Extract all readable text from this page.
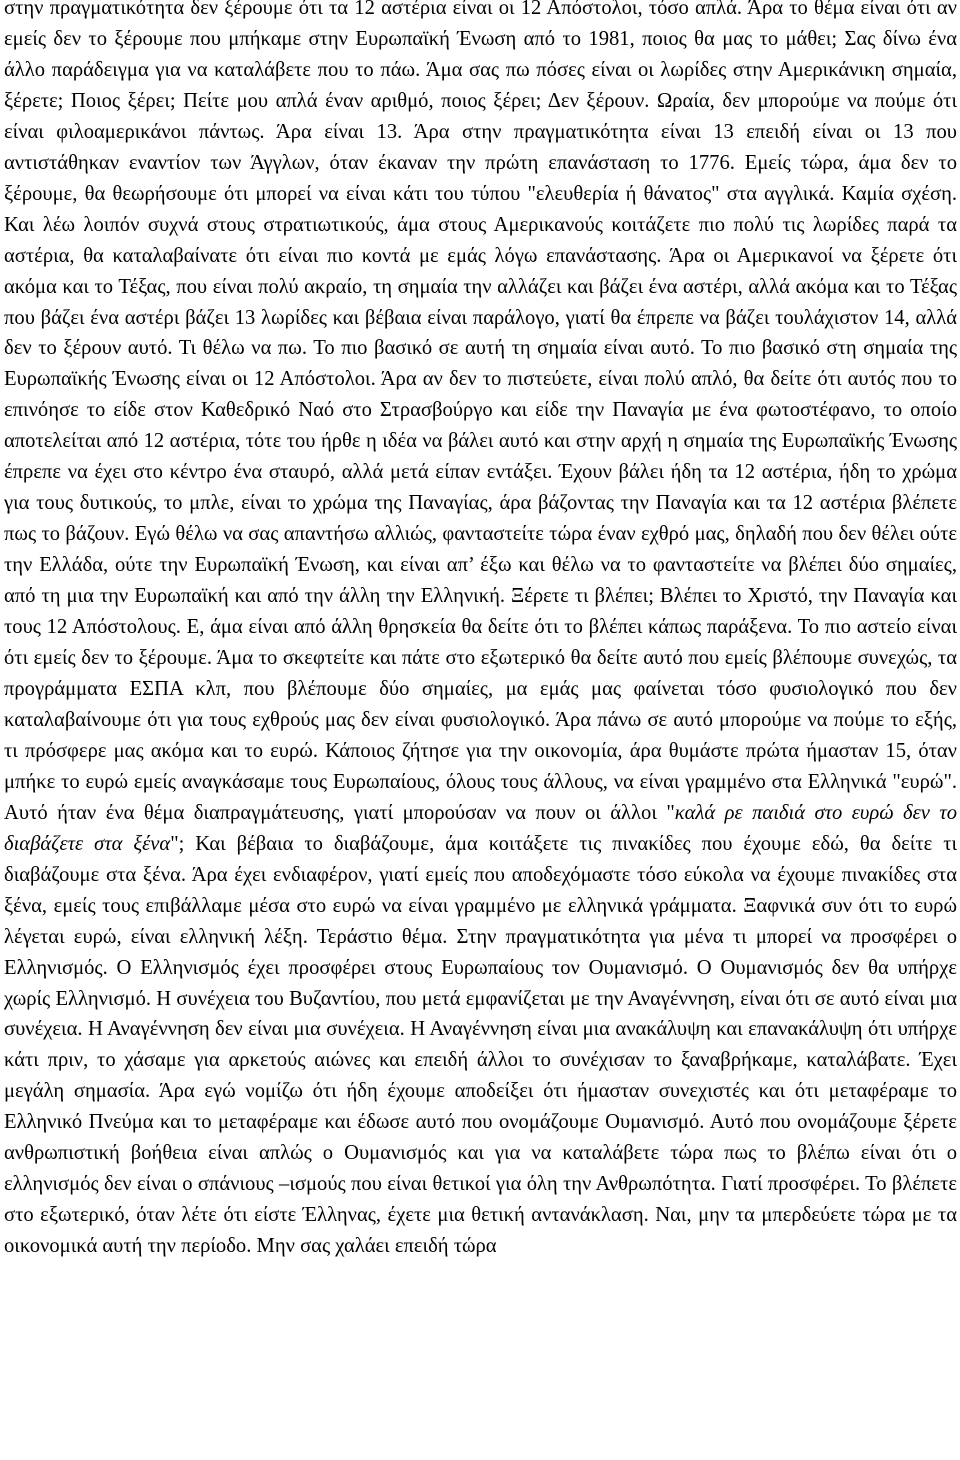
στην πραγματικότητα δεν ξέρουμε ότι τα 12 αστέρια είναι οι 12 Απόστολοι, τόσο απλά. Άρα το θέμα είναι ότι αν εμείς δεν το ξέρουμε που μπήκαμε στην Ευρωπαϊκή Ένωση από το 1981, ποιος θα μας το μάθει; Σας δίνω ένα άλλο παράδειγμα για να καταλάβετε που το πάω. Άμα σας πω πόσες είναι οι λωρίδες στην Αμερικάνικη σημαία, ξέρετε; Ποιος ξέρει; Πείτε μου απλά έναν αριθμό, ποιος ξέρει; Δεν ξέρουν. Ωραία, δεν μπορούμε να πούμε ότι είναι φιλοαμερικάνοι πάντως. Άρα είναι 13. Άρα στην πραγματικότητα είναι 13 επειδή είναι οι 13 που αντιστάθηκαν εναντίον των Άγγλων, όταν έκαναν την πρώτη επανάσταση το 1776. Εμείς τώρα, άμα δεν το ξέρουμε, θα θεωρήσουμε ότι μπορεί να είναι κάτι του τύπου "ελευθερία ή θάνατος" στα αγγλικά. Καμία σχέση. Και λέω λοιπόν συχνά στους στρατιωτικούς, άμα στους Αμερικανούς κοιτάζετε πιο πολύ τις λωρίδες παρά τα αστέρια, θα καταλαβαίνατε ότι είναι πιο κοντά με εμάς λόγω επανάστασης. Άρα οι Αμερικανοί να ξέρετε ότι ακόμα και το Τέξας, που είναι πολύ ακραίο, τη σημαία την αλλάζει και βάζει ένα αστέρι, αλλά ακόμα και το Τέξας που βάζει ένα αστέρι βάζει 13 λωρίδες και βέβαια είναι παράλογο, γιατί θα έπρεπε να βάζει τουλάχιστον 14, αλλά δεν το ξέρουν αυτό. Τι θέλω να πω. Το πιο βασικό σε αυτή τη σημαία είναι αυτό. Το πιο βασικό στη σημαία της Ευρωπαϊκής Ένωσης είναι οι 12 Απόστολοι. Άρα αν δεν το πιστεύετε, είναι πολύ απλό, θα δείτε ότι αυτός που το επινόησε το είδε στον Καθεδρικό Ναό στο Στρασβούργο και είδε την Παναγία με ένα φωτοστέφανο, το οποίο αποτελείται από 12 αστέρια, τότε του ήρθε η ιδέα να βάλει αυτό και στην αρχή η σημαία της Ευρωπαϊκής Ένωσης έπρεπε να έχει στο κέντρο ένα σταυρό, αλλά μετά είπαν εντάξει. Έχουν βάλει ήδη τα 12 αστέρια, ήδη το χρώμα για τους δυτικούς, το μπλε, είναι το χρώμα της Παναγίας, άρα βάζοντας την Παναγία και τα 12 αστέρια βλέπετε πως το βάζουν. Εγώ θέλω να σας απαντήσω αλλιώς, φανταστείτε τώρα έναν εχθρό μας, δηλαδή που δεν θέλει ούτε την Ελλάδα, ούτε την Ευρωπαϊκή Ένωση, και είναι απ’ έξω και θέλω να το φανταστείτε να βλέπει δύο σημαίες, από τη μια την Ευρωπαϊκή και από την άλλη την Ελληνική. Ξέρετε τι βλέπει; Βλέπει το Χριστό, την Παναγία και τους 12 Απόστολους. Ε, άμα είναι από άλλη θρησκεία θα δείτε ότι το βλέπει κάπως παράξενα. Το πιο αστείο είναι ότι εμείς δεν το ξέρουμε. Άμα το σκεφτείτε και πάτε στο εξωτερικό θα δείτε αυτό που εμείς βλέπουμε συνεχώς, τα προγράμματα ΕΣΠΑ κλπ, που βλέπουμε δύο σημαίες, μα εμάς μας φαίνεται τόσο φυσιολογικό που δεν καταλαβαίνουμε ότι για τους εχθρούς μας δεν είναι φυσιολογικό. Άρα πάνω σε αυτό μπορούμε να πούμε το εξής, τι πρόσφερε μας ακόμα και το ευρώ. Κάποιος ζήτησε για την οικονομία, άρα θυμάστε πρώτα ήμασταν 15, όταν μπήκε το ευρώ εμείς αναγκάσαμε τους Ευρωπαίους, όλους τους άλλους, να είναι γραμμένο στα Ελληνικά "ευρώ". Αυτό ήταν ένα θέμα διαπραγμάτευσης, γιατί μπορούσαν να πουν οι άλλοι "καλά ρε παιδιά στο ευρώ δεν το διαβάζετε στα ξένα"; Και βέβαια το διαβάζουμε, άμα κοιτάξετε τις πινακίδες που έχουμε εδώ, θα δείτε τι διαβάζουμε στα ξένα. Άρα έχει ενδιαφέρον, γιατί εμείς που αποδεχόμαστε τόσο εύκολα να έχουμε πινακίδες στα ξένα, εμείς τους επιβάλλαμε μέσα στο ευρώ να είναι γραμμένο με ελληνικά γράμματα. Ξαφνικά συν ότι το ευρώ λέγεται ευρώ, είναι ελληνική λέξη. Τεράστιο θέμα. Στην πραγματικότητα για μένα τι μπορεί να προσφέρει ο Ελληνισμός. Ο Ελληνισμός έχει προσφέρει στους Ευρωπαίους τον Ουμανισμό. Ο Ουμανισμός δεν θα υπήρχε χωρίς Ελληνισμό. Η συνέχεια του Βυζαντίου, που μετά εμφανίζεται με την Αναγέννηση, είναι ότι σε αυτό είναι μια συνέχεια. Η Αναγέννηση δεν είναι μια συνέχεια. Η Αναγέννηση είναι μια ανακάλυψη και επανακάλυψη ότι υπήρχε κάτι πριν, το χάσαμε για αρκετούς αιώνες και επειδή άλλοι το συνέχισαν το ξαναβρήκαμε, καταλάβατε. Έχει μεγάλη σημασία. Άρα εγώ νομίζω ότι ήδη έχουμε αποδείξει ότι ήμασταν συνεχιστές και ότι μεταφέραμε το Ελληνικό Πνεύμα και το μεταφέραμε και έδωσε αυτό που ονομάζουμε Ουμανισμό. Αυτό που ονομάζουμε ξέρετε ανθρωπιστική βοήθεια είναι απλώς ο Ουμανισμός και για να καταλάβετε τώρα πως το βλέπω είναι ότι ο ελληνισμός δεν είναι ο σπάνιους –ισμούς που είναι θετικοί για όλη την Ανθρωπότητα. Γιατί προσφέρει. Το βλέπετε στο εξωτερικό, όταν λέτε ότι είστε Έλληνας, έχετε μια θετική αντανάκλαση. Ναι, μην τα μπερδεύετε τώρα με τα οικονομικά αυτή την περίοδο. Μην σας χαλάει επειδή τώρα
